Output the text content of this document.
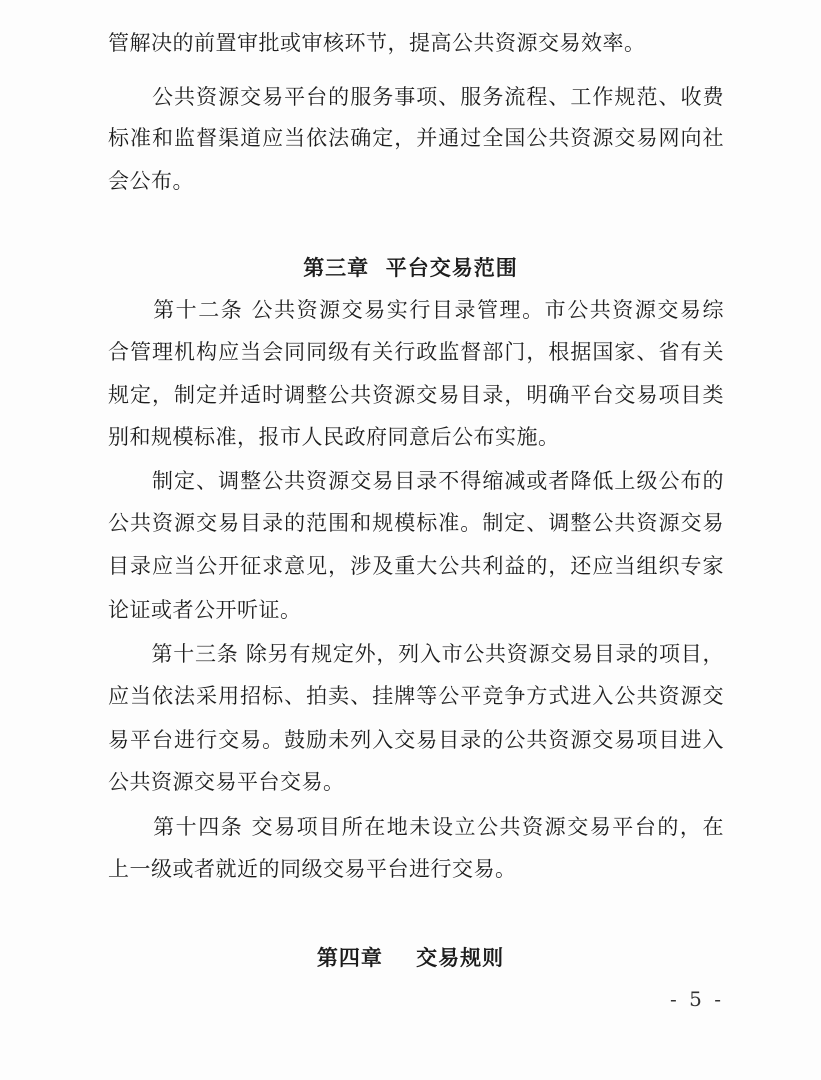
管解决的前置审批或审核环节，提高公共资源交易效率。
　　公共资源交易平台的服务事项、服务流程、工作规范、收费
标准和监督渠道应当依法确定，并通过全国公共资源交易网向社
会公布。
第三章  平台交易范围
　　第十二条 公共资源交易实行目录管理。市公共资源交易综
合管理机构应当会同同级有关行政监督部门，根据国家、省有关
规定，制定并适时调整公共资源交易目录，明确平台交易项目类
别和规模标准，报市人民政府同意后公布实施。
　　制定、调整公共资源交易目录不得缩减或者降低上级公布的
公共资源交易目录的范围和规模标准。制定、调整公共资源交易
目录应当公开征求意见，涉及重大公共利益的，还应当组织专家
论证或者公开听证。
　　第十三条 除另有规定外，列入市公共资源交易目录的项目，
应当依法采用招标、拍卖、挂牌等公平竞争方式进入公共资源交
易平台进行交易。鼓励未列入交易目录的公共资源交易项目进入
公共资源交易平台交易。
　　第十四条 交易项目所在地未设立公共资源交易平台的，在
上一级或者就近的同级交易平台进行交易。
第四章    交易规则
- 5 -
